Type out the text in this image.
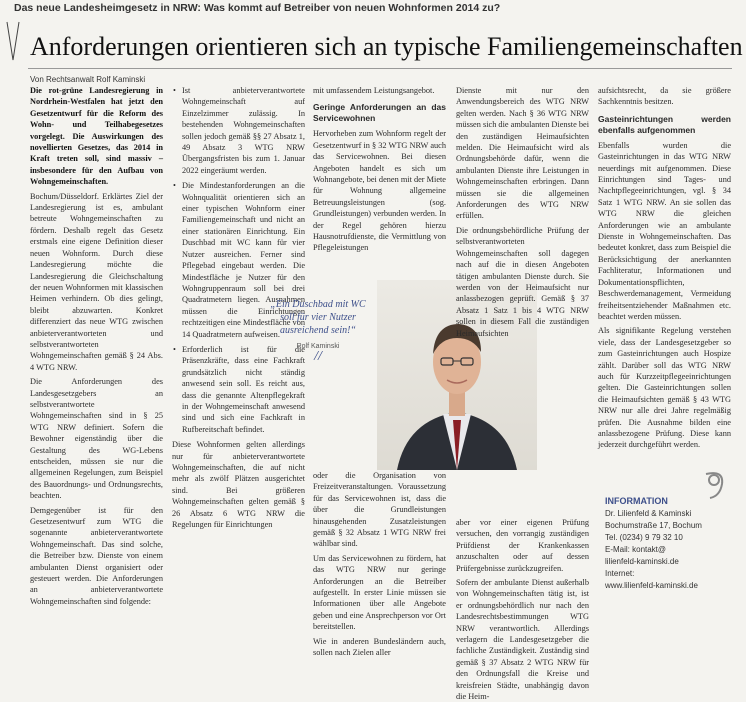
Das neue Landesheimgesetz in NRW: Was kommt auf Betreiber von neuen Wohnformen 2014 zu?
Anforderungen orientieren sich an typische Familiengemeinschaften
Von Rechtsanwalt Rolf Kaminski

Die rot-grüne Landesregierung in Nordrhein-Westfalen hat jetzt den Gesetzentwurf für die Reform des Wohn- und Teilhabegesetzes vorgelegt. Die Auswirkungen des novellierten Gesetzes, das 2014 in Kraft treten soll, sind massiv – insbesondere für den Aufbau von Wohngemeinschaften.

Bochum/Düsseldorf. Erklärtes Ziel der Landesregierung ist es, ambulant betreute Wohngemeinschaften zu fördern. Deshalb regelt das Gesetz erstmals eine eigene Definition dieser neuen Wohnform. Durch diese Landesregierung möchte die Landesregierung die Gleichschaltung der neuen Wohnformen mit klassischen Heimen verhindern. Ob dies gelingt, bleibt abzuwarten. Konkret differenziert das neue WTG zwischen anbieterverantworteten und selbstverantworteten Wohngemeinschaften gemäß § 24 Abs. 4 WTG NRW.

Die Anforderungen des Landesgesetzgebers an selbstverantwortete Wohngemeinschaften sind in § 25 WTG NRW definiert. Sofern die Bewohner eigenständig über die Gestaltung des WG-Lebens entscheiden, müssen sie nur die allgemeinen Regelungen, zum Beispiel des Bauordnungs- und Ordnungsrechts, beachten.

Demgegenüber ist für den Gesetzesentwurf zum WTG die sogenannte anbieterverantwortete Wohngemeinschaft. Das sind solche, die Betreiber bzw. Dienste von einem ambulanten Dienst organisiert oder gesteuert werden. Die Anforderungen an anbieterverantwortete Wohngemeinschaften sind folgende:

• Ist anbieterverantwortete Wohngemeinschaft auf Einzelzimmer zulässig. In bestehenden Wohngemeinschaften sollen jedoch gemäß §§ 27 Absatz 1, 49 Absatz 3 WTG NRW Übergangsfristen bis zum 1. Januar 2022 eingeräumt werden.
• Die Mindestanforderungen an die Wohnqualität orientieren sich an einer typischen Wohnform einer Familiengemeinschaft und nicht an einer stationären Einrichtung. Ein Duschbad mit WC kann für vier Nutzer ausreichen. Ferner sind Pflegebad eingebaut werden. Die Mindestfläche je Nutzer für den Wohngruppenraum soll bei drei Quadratmetern liegen. Ausnahmen müssen die Einrichtungen rechtzeitigen eine Mindestfläche von 14 Quadratmetern aufweisen.
• Erforderlich ist für die Präsenzkräfte, dass eine Fachkraft grundsätzlich nicht ständig anwesend sein soll. Es reicht aus, dass die genannte Altenpflegekraft in der Wohngemeinschaft anwesend sind und sich eine Fachkraft in Rufbereitschaft befindet.

Diese Wohnformen gelten allerdings nur für anbieterverantwortete Wohngemeinschaften, die auf nicht mehr als zwölf Plätzen ausgerichtet sind. Bei größeren Wohngemeinschaften gelten gemäß § 26 Absatz 6 WTG NRW die Regelungen für Einrichtungen

mit umfassendem Leistungsangebot.

Geringe Anforderungen an das Servicewohnen

Hervorheben zum Wohnform regelt der Gesetzentwurf in § 32 WTG NRW auch das Servicewohnen. Bei diesen Angeboten handelt es sich um Wohnangebote, bei denen mit der Miete für Wohnung allgemeine Betreuungsleistungen (sog. Grundleistungen) verbunden werden. In der Regel gehören hierzu Hausnotrufdienste, die Vermittlung von Pflegeleistungen

„Ein Duschbad mit WC soll für vier Nutzer ausreichend sein!“
Rolf Kaminski
//

oder die Organisation von Freizeitveranstaltungen. Voraussetzung für das Servicewohnen ist, dass die über die Grundleistungen hinausgehenden Zusatzleistungen gemäß § 32 Absatz 1 WTG NRW frei wählbar sind.

Um das Servicewohnen zu fördern, hat das WTG NRW nur geringe Anforderungen an die Betreiber aufgestellt. In erster Linie müssen sie Informationen über alle Angebote geben und eine Ansprechperson vor Ort bereitstellen.

Wie in anderen Bundesländern auch, sollen nach Zielen aller

Dienste mit nur den Anwendungsbereich des WTG NRW gelten werden. Nach § 36 WTG NRW müssen sich die ambulanten Dienste bei den zuständigen Heimaufsichten melden. Die Heimaufsicht wird als Ordnungsbehörde dafür, wenn die ambulanten Dienste ihre Leistungen in Wohngemeinschaften erbringen. Dann müssen sie die allgemeinen Anforderungen des WTG NRW erfüllen.

Die ordnungsbehördliche Prüfung der selbstverantworteten Wohngemeinschaften soll dagegen nach auf die in diesen Angeboten tätigen ambulanten Dienste durch. Sie werden von der Heimaufsicht nur anlassbezogen geprüft. Gemäß § 37 Absatz 1 Satz 1 bis 4 WTG NRW sollen in diesem Fall die zuständigen Heimaufsichten

aber vor einer eigenen Prüfung versuchen, den vorrangig zuständigen Prüfdienst der Krankenkassen anzuschalten oder auf dessen Prüfergebnisse zurückzugreifen.

Sofern der ambulante Dienst außerhalb von Wohngemeinschaften tätig ist, ist er ordnungsbehördlich nur nach den Landesrechtsbestimmungen WTG NRW verantwortlich. Allerdings verlagern die Landesgesetzgeber die fachliche Zuständigkeit. Zuständig sind gemäß § 37 Absatz 2 WTG NRW für den Ordnungsfall die Kreise und kreisfreien Städte, unabhängig davon die Heim-

aufsichtsrecht, da sie größere Sachkenntnis besitzen.

Gasteinrichtungen werden ebenfalls aufgenommen

Ebenfalls wurden die Gasteinrichtungen in das WTG NRW neuerdings mit aufgenommen. Diese Einrichtungen sind Tages- und Nachtpflegeeinrichtungen, vgl. § 34 Satz 1 WTG NRW. An sie sollen das WTG NRW die gleichen Anforderungen wie an ambulante Dienste in Wohngemeinschaften. Das bedeutet konkret, dass zum Beispiel die Berücksichtigung der anerkannten Fachliteratur, Informationen und Dokumentationspflichten, Beschwerdemanagement, Vermeidung freiheitsentziehender Maßnahmen etc. beachtet werden müssen.

Als signifikante Regelung verstehen viele, dass der Landesgesetzgeber so zum Gasteinrichtungen auch Hospize zählt. Darüber soll das WTG NRW auch für Kurzzeitpflegeeinrichtungen gelten. Die Gasteinrichtungen sollen die Heimaufsichten gemäß § 43 WTG NRW nur alle drei Jahre regelmäßig prüfen. Die Ausnahme bilden eine anlassbezogene Prüfung. Diese kann jederzeit durchgeführt werden.

INFORMATION
Dr. Lilienfeld & Kaminski
Bochumstraße 17, Bochum
Tel. (0234) 9 79 32 10
E-Mail: kontakt@
lilienfeld-kaminski.de
Internet:
www.lilienfeld-kaminski.de
